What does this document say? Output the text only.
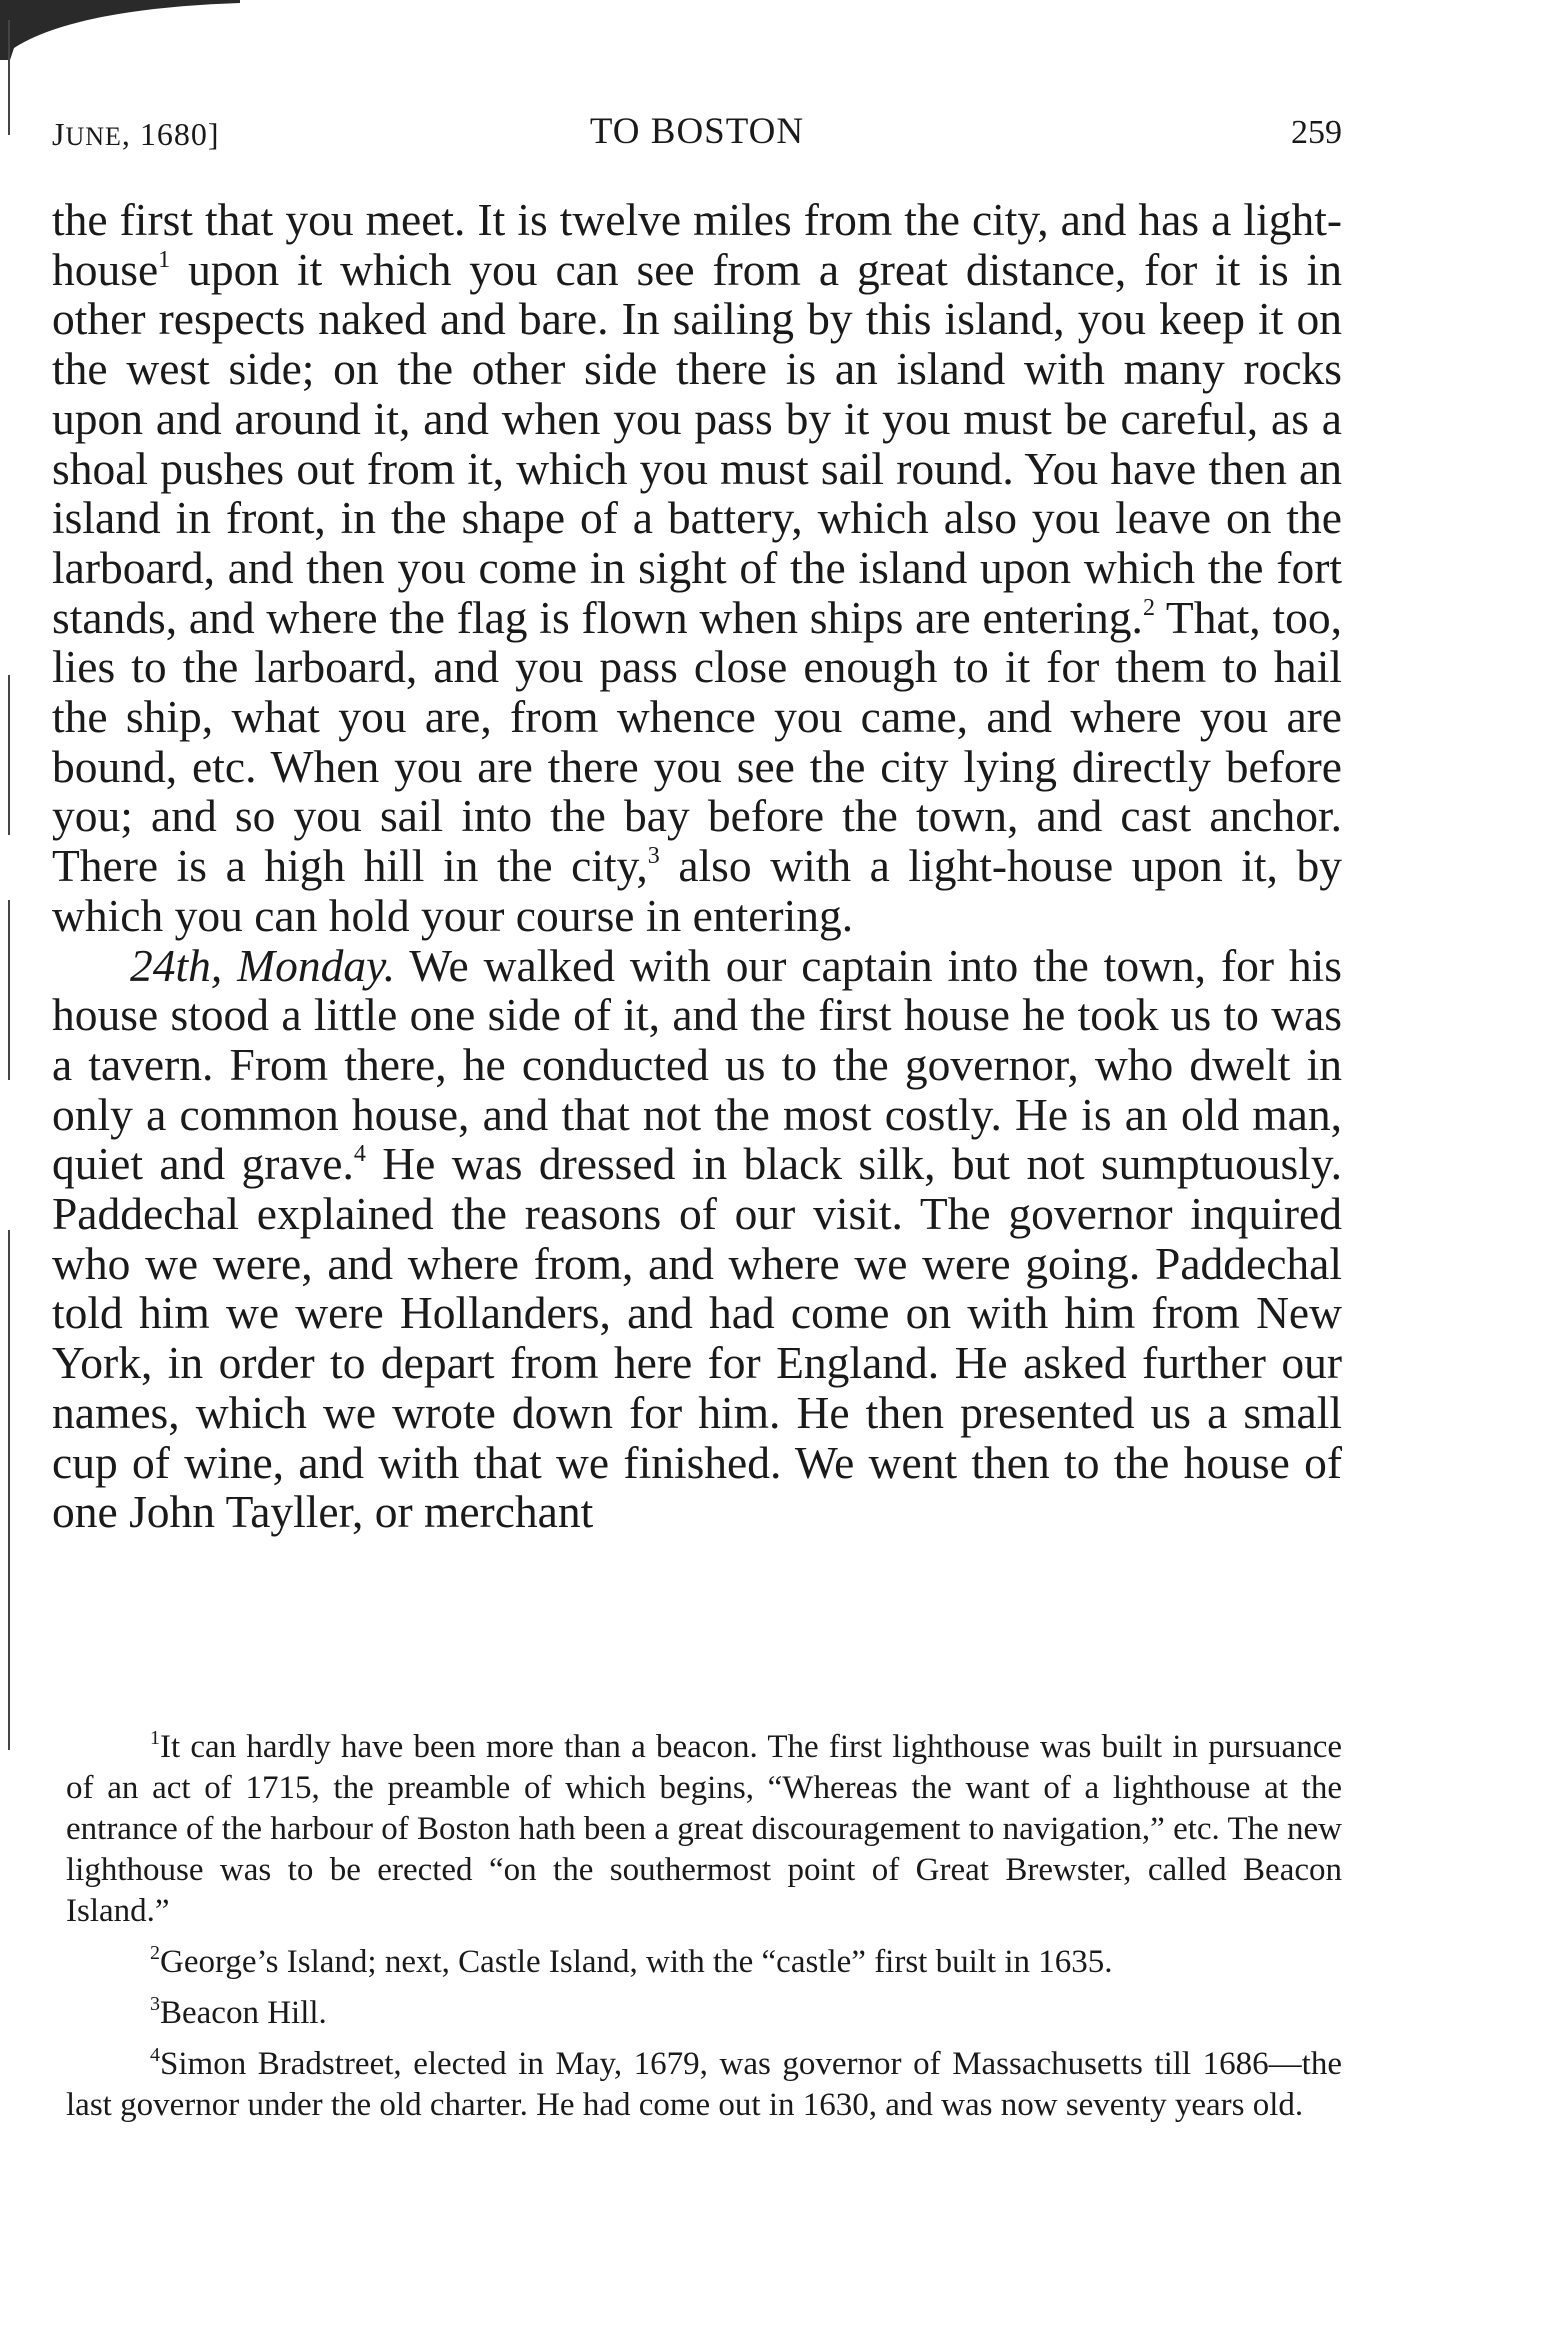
JUNE, 1680]	TO BOSTON	259

the first that you meet. It is twelve miles from the city, and has a light-house$^1$ upon it which you can see from a great distance, for it is in other respects naked and bare. In sailing by this island, you keep it on the west side; on the other side there is an island with many rocks upon and around it, and when you pass by it you must be careful, as a shoal pushes out from it, which you must sail round. You have then an island in front, in the shape of a battery, which also you leave on the larboard, and then you come in sight of the island upon which the fort stands, and where the flag is flown when ships are entering.$^2$ That, too, lies to the larboard, and you pass close enough to it for them to hail the ship, what you are, from whence you came, and where you are bound, etc. When you are there you see the city lying directly before you; and so you sail into the bay before the town, and cast anchor. There is a high hill in the city,$^3$ also with a light-house upon it, by which you can hold your course in entering.

24th, Monday. We walked with our captain into the town, for his house stood a little one side of it, and the first house he took us to was a tavern. From there, he conducted us to the governor, who dwelt in only a common house, and that not the most costly. He is an old man, quiet and grave.$^4$ He was dressed in black silk, but not sumptuously. Paddechal explained the reasons of our visit. The governor inquired who we were, and where from, and where we were going. Paddechal told him we were Hollanders, and had come on with him from New York, in order to depart from here for England. He asked further our names, which we wrote down for him. He then presented us a small cup of wine, and with that we finished. We went then to the house of one John Tayller, or merchant

$^1$It can hardly have been more than a beacon. The first lighthouse was built in pursuance of an act of 1715, the preamble of which begins, “Whereas the want of a lighthouse at the entrance of the harbour of Boston hath been a great discouragement to navigation,” etc. The new lighthouse was to be erected “on the southermost point of Great Brewster, called Beacon Island.”

$^2$George’s Island; next, Castle Island, with the “castle” first built in 1635.

$^3$Beacon Hill.

$^4$Simon Bradstreet, elected in May, 1679, was governor of Massachusetts till 1686—the last governor under the old charter. He had come out in 1630, and was now seventy years old.
